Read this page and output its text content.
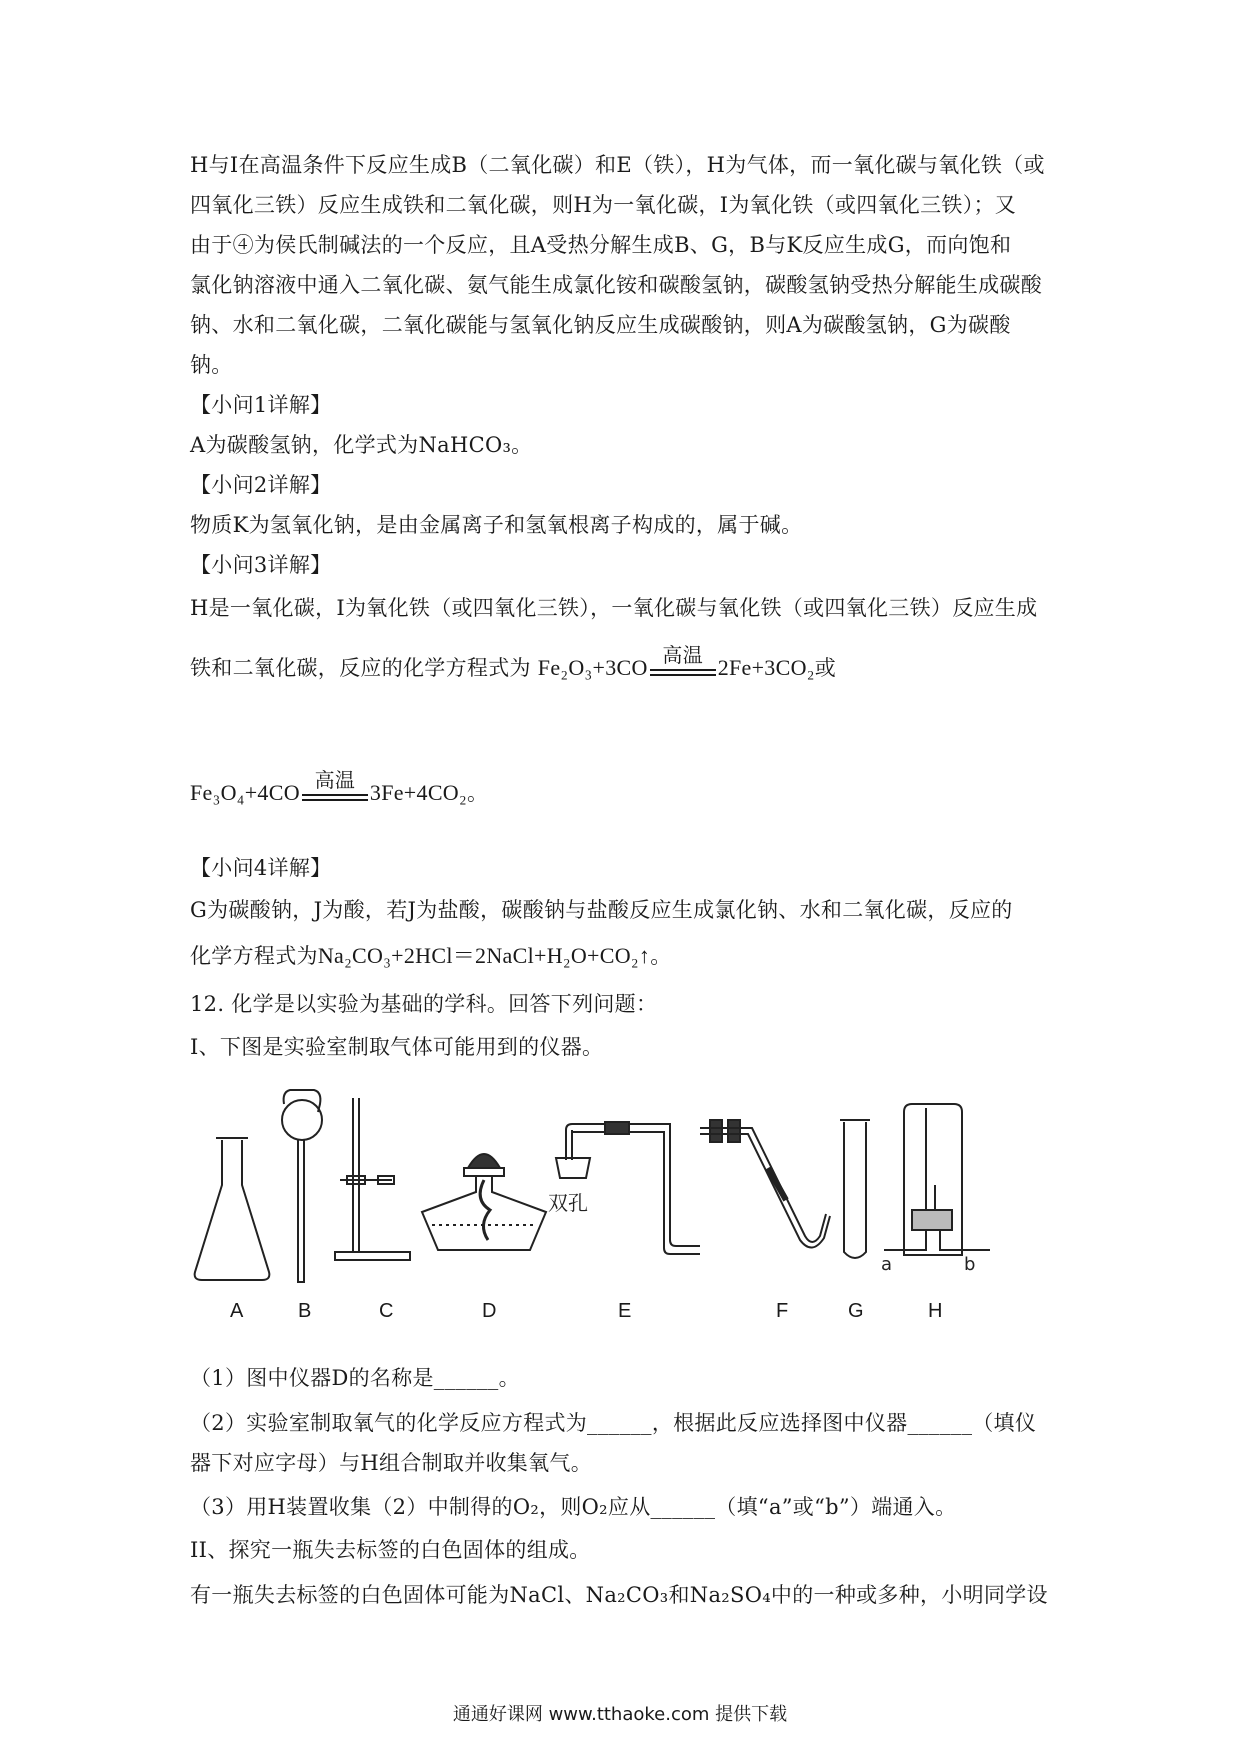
H与I在高温条件下反应生成B（二氧化碳）和E（铁），H为气体，而一氧化碳与氧化铁（或
四氧化三铁）反应生成铁和二氧化碳，则H为一氧化碳，I为氧化铁（或四氧化三铁）；又
由于④为侯氏制碱法的一个反应，且A受热分解生成B、G，B与K反应生成G，而向饱和
氯化钠溶液中通入二氧化碳、氨气能生成氯化铵和碳酸氢钠，碳酸氢钠受热分解能生成碳酸
钠、水和二氧化碳，二氧化碳能与氢氧化钠反应生成碳酸钠，则A为碳酸氢钠，G为碳酸
钠。
【小问1详解】
A为碳酸氢钠，化学式为NaHCO₃。
【小问2详解】
物质K为氢氧化钠，是由金属离子和氢氧根离子构成的，属于碱。
【小问3详解】
H是一氧化碳，I为氧化铁（或四氧化三铁），一氧化碳与氧化铁（或四氧化三铁）反应生成
铁和二氧化碳，反应的化学方程式为 Fe₂O₃+3CO
高温
2Fe+3CO₂或
Fe₃O₄+4CO
高温
3Fe+4CO₂。
【小问4详解】
G为碳酸钠，J为酸，若J为盐酸，碳酸钠与盐酸反应生成氯化钠、水和二氧化碳，反应的
化学方程式为Na₂CO₃+2HCl＝2NaCl+H₂O+CO₂↑。
12. 化学是以实验为基础的学科。回答下列问题：
I、下图是实验室制取气体可能用到的仪器。
双孔
a	b
A	B	C	D	E	F	G	H
（1）图中仪器D的名称是______。
（2）实验室制取氧气的化学反应方程式为______，根据此反应选择图中仪器______（填仪
器下对应字母）与H组合制取并收集氧气。
（3）用H装置收集（2）中制得的O₂，则O₂应从______（填“a”或“b”）端通入。
II、探究一瓶失去标签的白色固体的组成。
有一瓶失去标签的白色固体可能为NaCl、Na₂CO₃和Na₂SO₄中的一种或多种，小明同学设
通通好课网 www.tthaoke.com 提供下载
